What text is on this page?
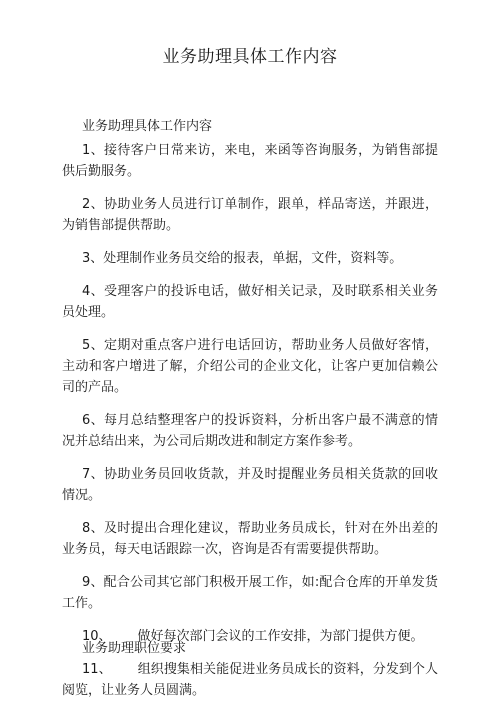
业务助理具体工作内容
业务助理具体工作内容

1、接待客户日常来访，来电，来函等咨询服务，为销售部提供后勤服务。

2、协助业务人员进行订单制作，跟单，样品寄送，并跟进，为销售部提供帮助。

3、处理制作业务员交给的报表，单据，文件，资料等。

4、受理客户的投诉电话，做好相关记录，及时联系相关业务员处理。

5、定期对重点客户进行电话回访，帮助业务人员做好客情，主动和客户增进了解，介绍公司的企业文化，让客户更加信赖公司的产品。

6、每月总结整理客户的投诉资料，分析出客户最不满意的情况并总结出来，为公司后期改进和制定方案作参考。

7、协助业务员回收货款，并及时提醒业务员相关货款的回收情况。

8、及时提出合理化建议，帮助业务员成长，针对在外出差的业务员，每天电话跟踪一次，咨询是否有需要提供帮助。

9、配合公司其它部门积极开展工作，如:配合仓库的开单发货工作。

10、 做好每次部门会议的工作安排，为部门提供方便。

11、 组织搜集相关能促进业务员成长的资料，分发到个人阅览，让业务人员圆满。

业务助理职位要求
